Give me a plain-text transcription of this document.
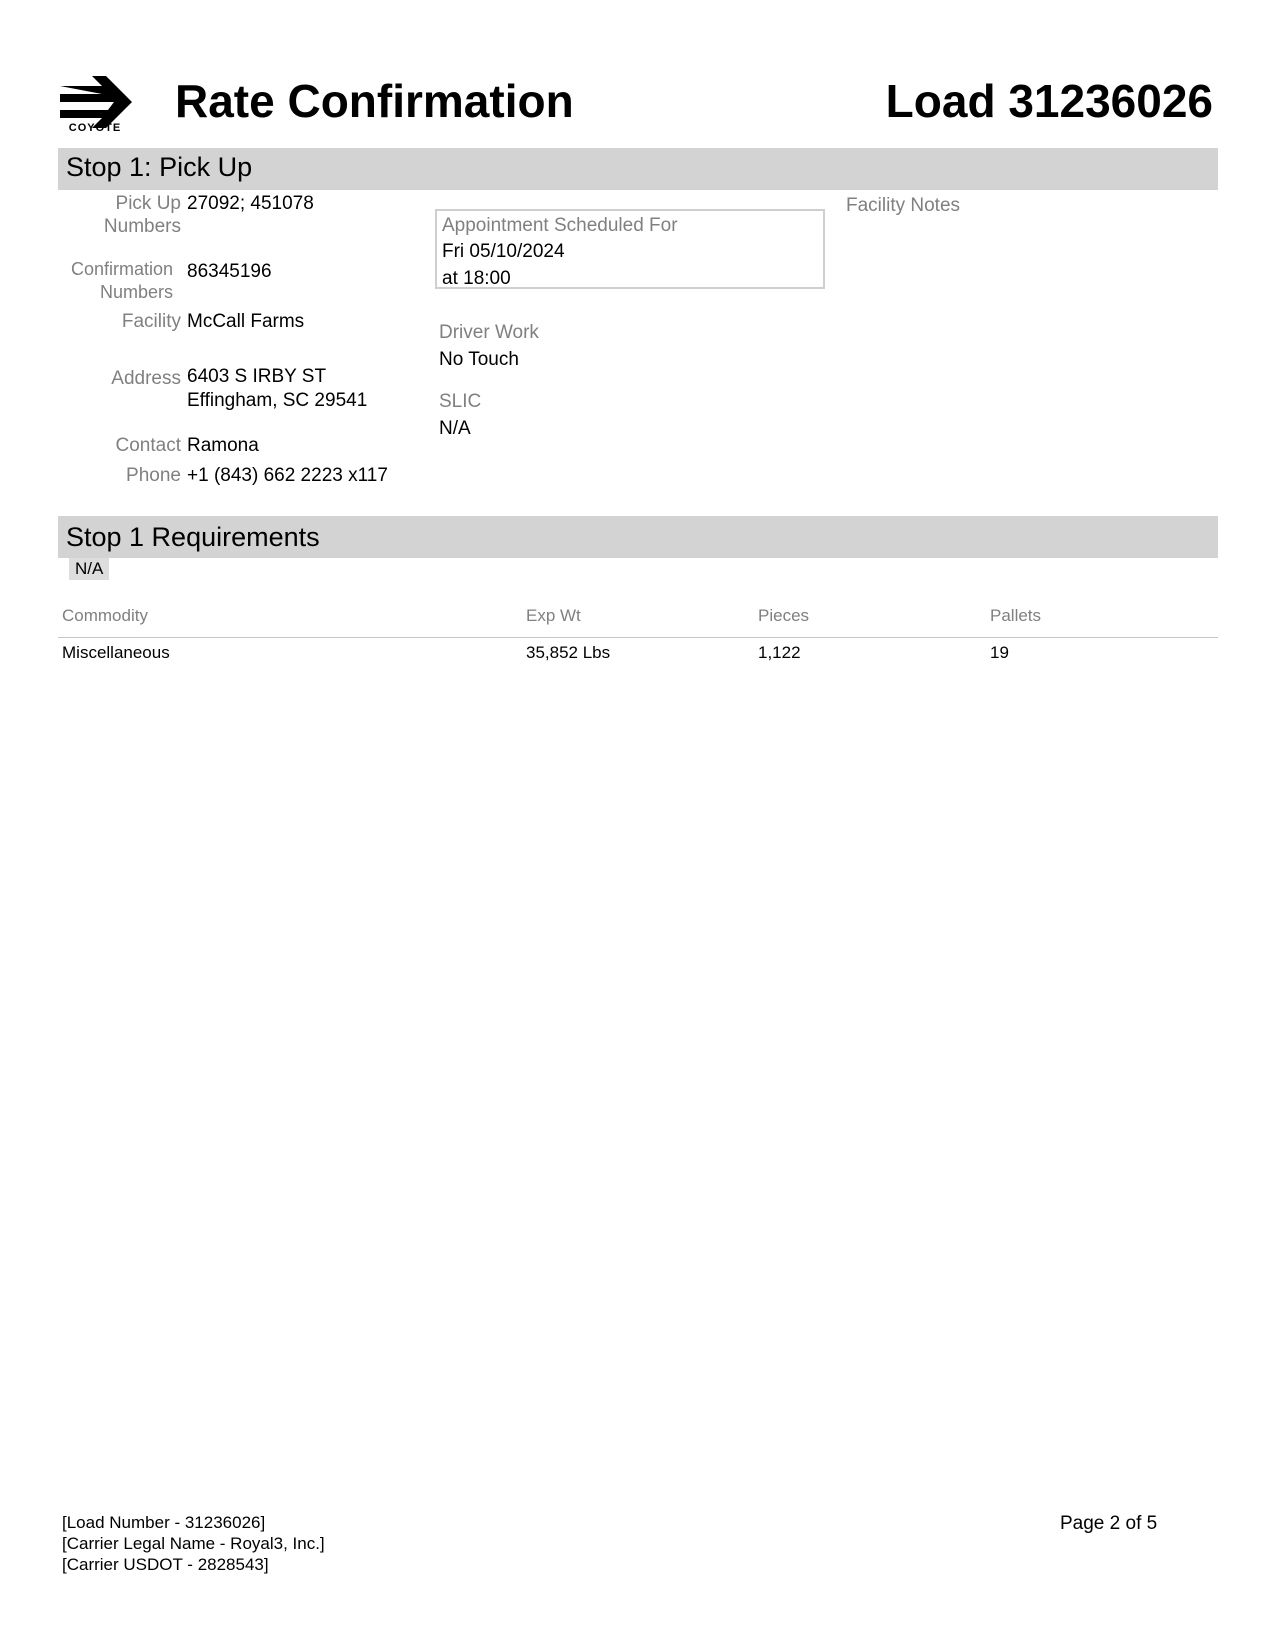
COYOTE
Rate Confirmation	Load 31236026
Stop 1: Pick Up
Pick Up
Numbers
27092; 451078
Confirmation
Numbers
86345196
Facility McCall Farms
Address 6403 S IRBY ST
Effingham, SC 29541
Contact Ramona
Phone +1 (843) 662 2223 x117
Appointment Scheduled For
Fri 05/10/2024
at 18:00
Driver Work
No Touch
SLIC
N/A
Facility Notes
Stop 1 Requirements
N/A
Commodity	Exp Wt	Pieces	Pallets
Miscellaneous	35,852 Lbs	1,122	19
[Load Number - 31236026]
[Carrier Legal Name - Royal3, Inc.]
[Carrier USDOT - 2828543]
Page 2 of 5
